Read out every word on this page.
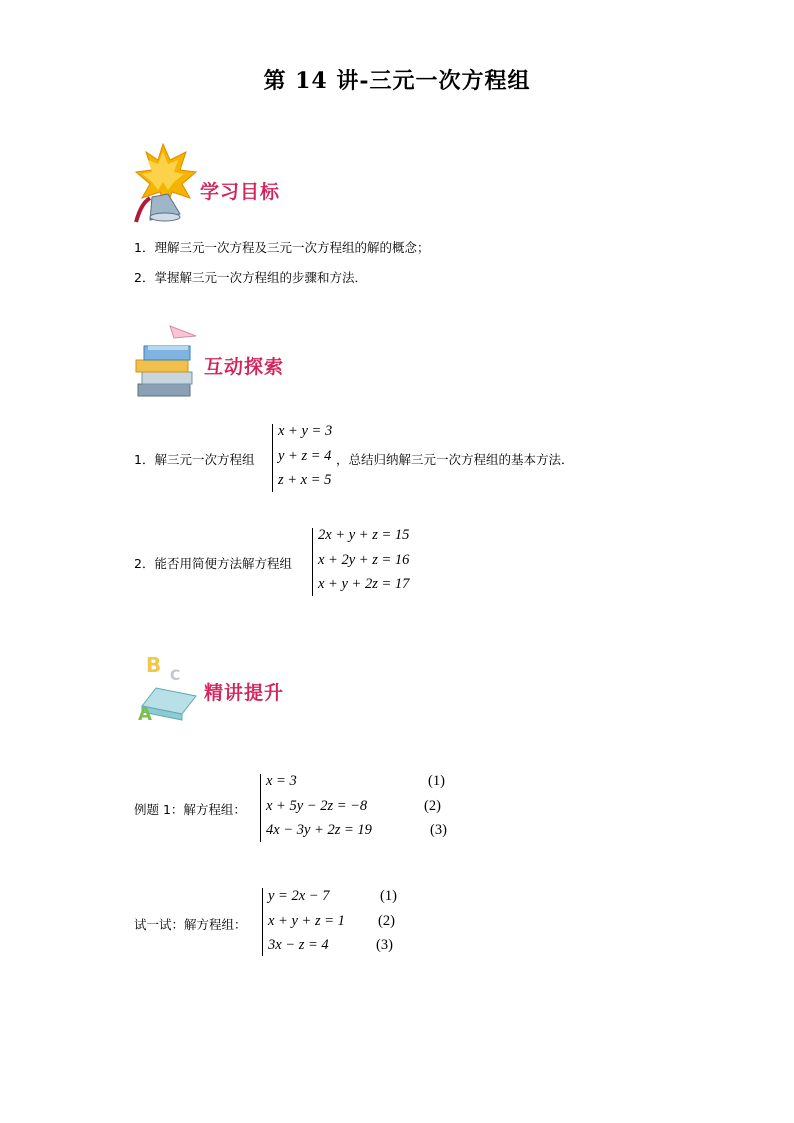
第 14 讲-三元一次方程组
学习目标
1．理解三元一次方程及三元一次方程组的解的概念；
2．掌握解三元一次方程组的步骤和方法．
互动探索
1．解三元一次方程组
x + y = 3
y + z = 4
z + x = 5
，总结归纳解三元一次方程组的基本方法．
2．能否用简便方法解方程组
2x + y + z = 15
x + 2y + z = 16
x + y + 2z = 17
B C
A
精讲提升
例题 1：解方程组：
x = 3
x + 5y − 2z = −8
4x − 3y + 2z = 19
(1)
(2)
(3)
试一试：解方程组：
y = 2x − 7
x + y + z = 1
3x − z = 4
(1)
(2)
(3)
